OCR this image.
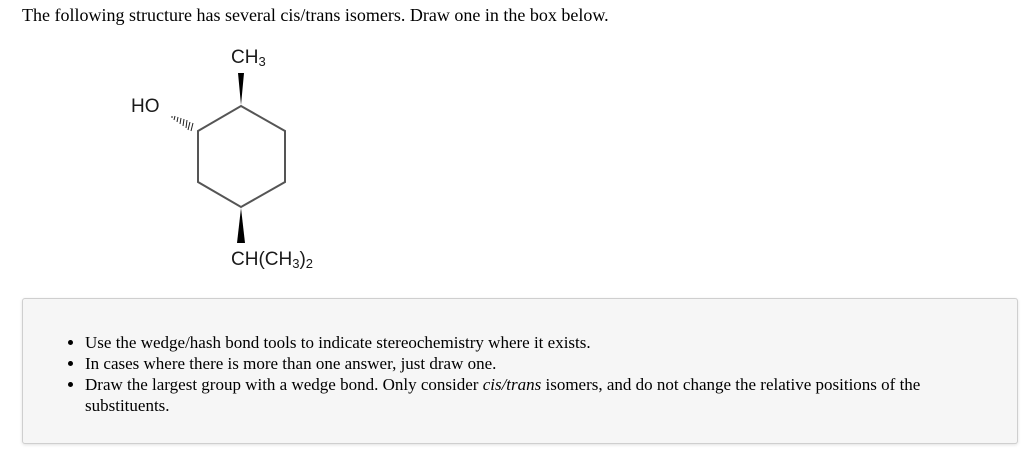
The following structure has several cis/trans isomers. Draw one in the box below.
$CH_3$
HO
$CH(CH_3)_2$
• Use the wedge/hash bond tools to indicate stereochemistry where it exists.
• In cases where there is more than one answer, just draw one.
• Draw the largest group with a wedge bond. Only consider cis/trans isomers, and do not change the relative positions of the substituents.
